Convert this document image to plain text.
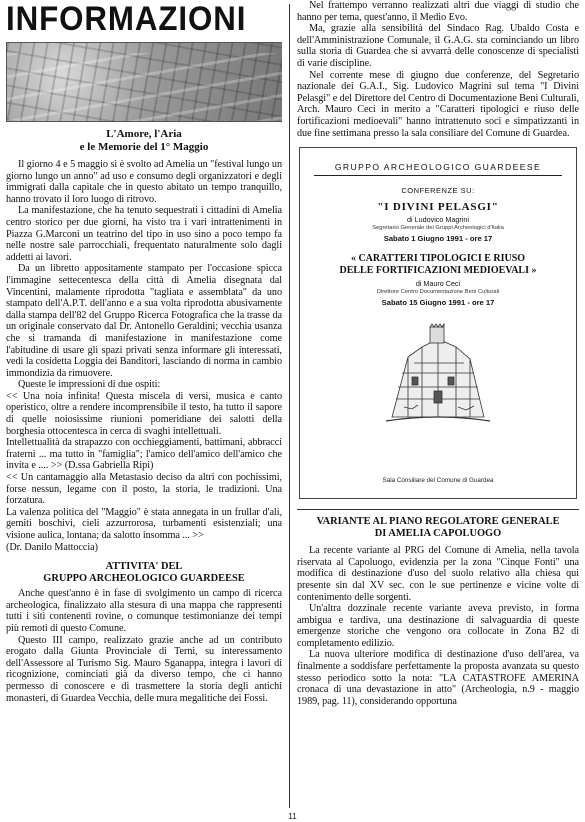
INFORMAZIONI
L'Amore, l'Aria
e le Memorie del 1° Maggio

Il giorno 4 e 5 maggio si è svolto ad Amelia un "festival lungo un giorno lungo un anno" ad uso e consumo degli organizzatori e degli immigrati dalla capitale che in questo abitato un tempo tranquillo, hanno trovato il loro luogo di ritrovo.

La manifestazione, che ha tenuto sequestrati i cittadini di Amelia centro storico per due giorni, ha visto tra i vari intrattenimenti in Piazza G.Marconi un teatrino del tipo in uso sino a poco tempo fa nelle nostre sale parrocchiali, frequentato naturalmente solo dagli addetti ai lavori.

Da un libretto appositamente stampato per l'occasione spicca l'immagine settecentesca della città di Amelia disegnata dal Vincentini, malamente riprodotta "tagliata e assemblata" da uno stampato dell'A.P.T. dell'anno e a sua volta riprodotta abusivamente dalla stampa dell'82 del Gruppo Ricerca Fotografica che la trasse da un originale conservato dal Dr. Antonello Geraldini; vecchia usanza che si tramanda di manifestazione in manifestazione come l'abitudine di usare gli spazi privati senza informare gli interessati, vedi la cosidetta Loggia dei Banditori, lasciando di norma in cambio immondizia da rimuovere.

Queste le impressioni di due ospiti:

<< Una noia infinita! Questa miscela di versi, musica e canto operistico, oltre a rendere incomprensibile il testo, ha tutto il sapore di quelle noiosissime riunioni pomeridiane dei salotti della borghesia ottocentesca in cerca di svaghi intellettuali.

Intellettualità da strapazzo con occhieggiamenti, battimani, abbracci fraterni ... ma tutto in "famiglia"; l'amico dell'amico dell'amico che invita e .... >> (D.ssa Gabriella Ripi)

<< Un cantamaggio alla Metastasio deciso da altri con pochissimi, forse nessun, legame con il posto, la storia, le tradizioni. Una forzatura.

La valenza politica del "Maggio" è stata annegata in un frullar d'ali, gemiti boschivi, cieli azzurrorosa, turbamenti esistenziali; una visione aulica, lontana; da salotto insomma ... >>

(Dr. Danilo Mattoccia)

ATTIVITA' DEL
GRUPPO ARCHEOLOGICO GUARDEESE

Anche quest'anno è in fase di svolgimento un campo di ricerca archeologica, finalizzato alla stesura di una mappa che rappresenti tutti i siti contenenti rovine, o comunque testimonianze dei tempi più remoti di questo Comune.

Questo III campo, realizzato grazie anche ad un contributo erogato dalla Giunta Provinciale di Terni, su interessamento dell'Assessore al Turismo Sig. Mauro Sganappa, integra i lavori di ricognizione, cominciati già da diverso tempo, che ci hanno permesso di conoscere e di trasmettere la storia degli antichi monasteri, di Guardea Vecchia, delle mura megalitiche dei Fossi.

Nel frattempo verranno realizzati altri due viaggi di studio che hanno per tema, quest'anno, il Medio Evo.

Ma, grazie alla sensibilità del Sindaco Rag. Ubaldo Costa e dell'Amministrazione Comunale, il G.A.G. sta cominciando un libro sulla storia di Guardea che si avvarrà delle conoscenze di specialisti di varie discipline.

Nel corrente mese di giugno due conferenze, del Segretario nazionale dei G.A.I., Sig. Ludovico Magrini sul tema "I Divini Pelasgi" e del Direttore del Centro di Documentazione Beni Culturali, Arch. Mauro Ceci in merito a "Caratteri tipologici e riuso delle fortificazioni medioevali" hanno intrattenuto soci e simpatizzanti in due fine settimana presso la sala consiliare del Comune di Guardea.

GRUPPO ARCHEOLOGICO GUARDEESE
CONFERENZE SU:
"I DIVINI PELASGI"
di Ludovico Magrini
Segretario Generale dei Gruppi Archeologici d'Italia
Sabato 1 Giugno 1991 - ore 17
« CARATTERI TIPOLOGICI E RIUSO
DELLE FORTIFICAZIONI MEDIOEVALI »
di Mauro Ceci
Direttore Centro Documentazione Beni Culturali
Sabato 15 Giugno 1991 - ore 17
Sala Consiliare del Comune di Guardea
VARIANTE AL PIANO REGOLATORE GENERALE
DI AMELIA CAPOLUOGO

La recente variante al PRG del Comune di Amelia, nella tavola riservata al Capoluogo, evidenzia per la zona "Cinque Fonti" una modifica di destinazione d'uso del suolo relativo alla chiesa qui presente sin dal XV sec. con le sue pertinenze e vicine volte di contenimento delle sorgenti.

Un'altra dozzinale recente variante aveva previsto, in forma ambigua e tardiva, una destinazione di salvaguardia di queste emergenze storiche che vengono ora collocate in Zona B2 di completamento edilizio.

La nuova ulteriore modifica di destinazione d'uso dell'area, va finalmente a soddisfare perfettamente la proposta avanzata su questo stesso periodico sotto la nota: "LA CATASTROFE AMERINA cronaca di una devastazione in atto" (Archeologia, n.9 - maggio 1989, pag. 11), considerando opportuna

11
